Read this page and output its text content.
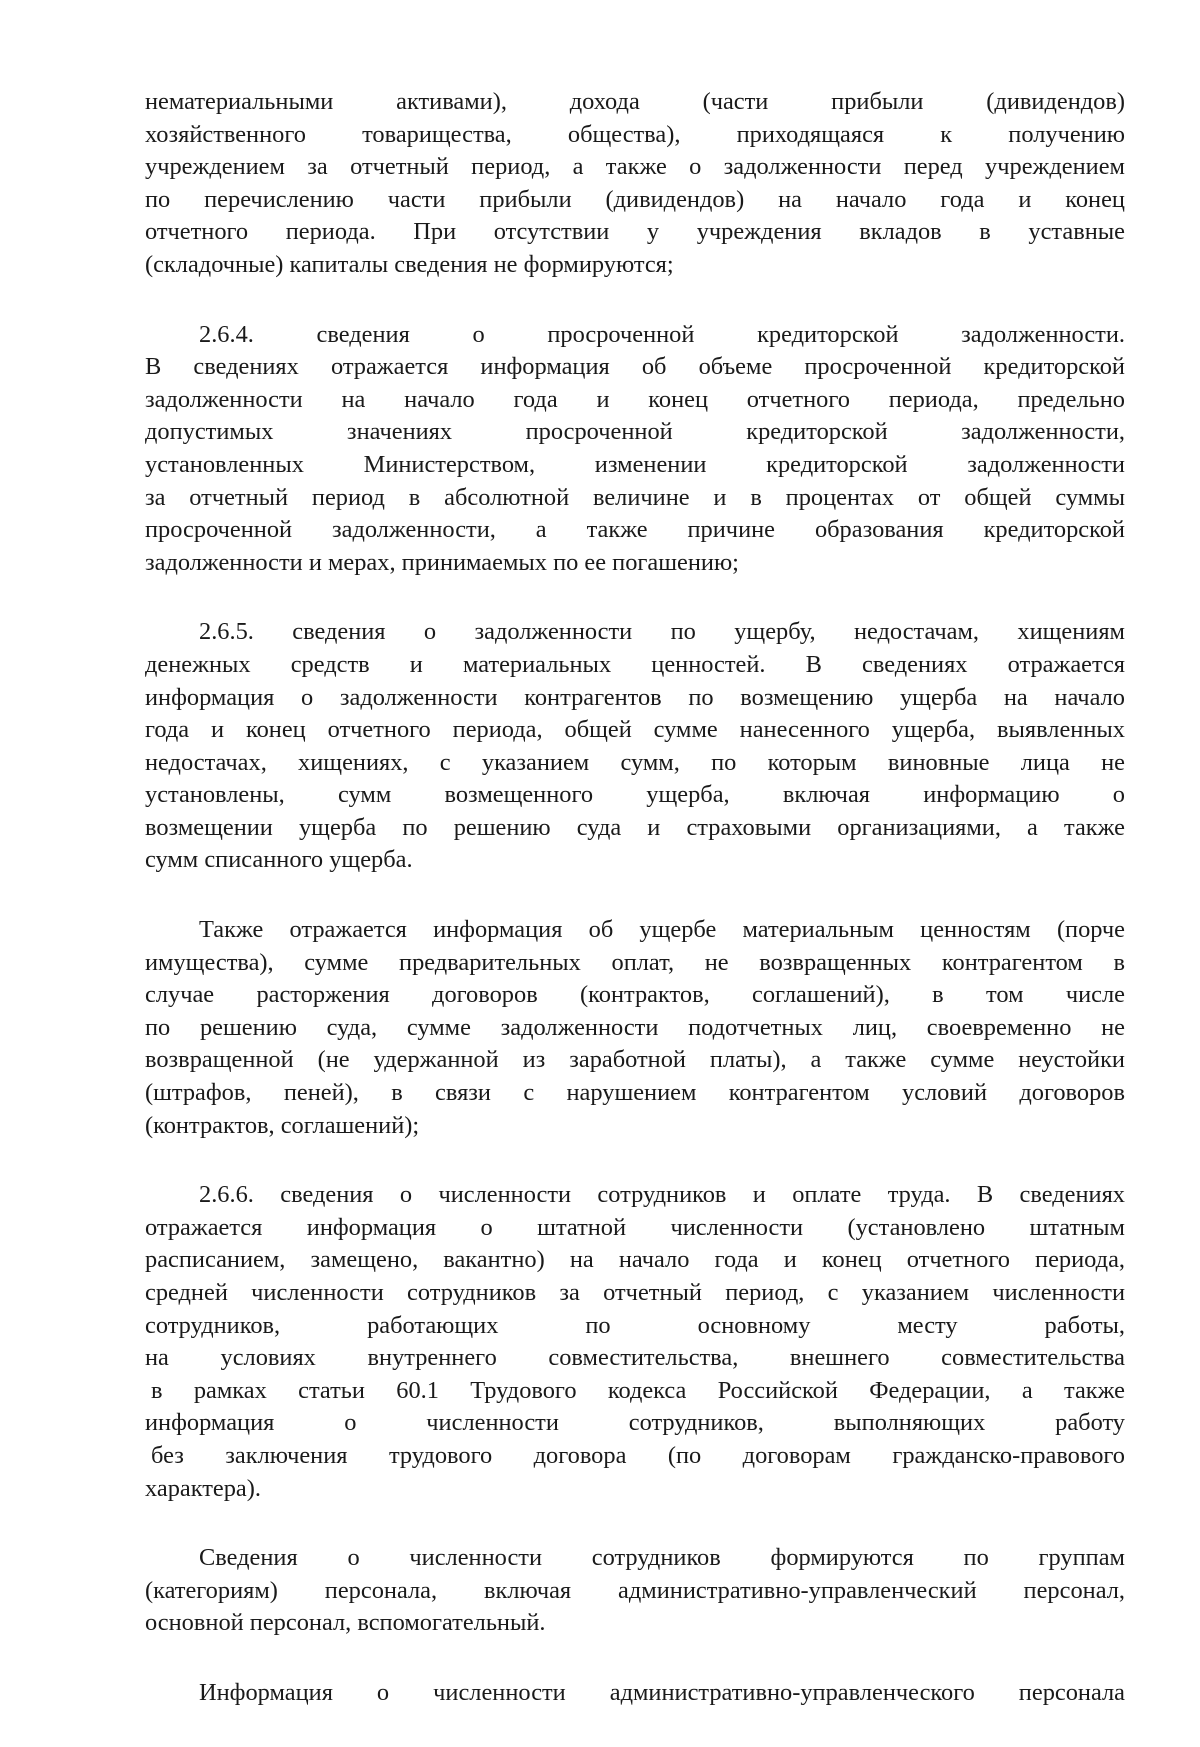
нематериальными активами), дохода (части прибыли (дивидендов)
хозяйственного товарищества, общества), приходящаяся к получению
учреждением за отчетный период, а также о задолженности перед учреждением
по перечислению части прибыли (дивидендов) на начало года и конец
отчетного периода. При отсутствии у учреждения вкладов в уставные
(складочные) капиталы сведения не формируются;

2.6.4. сведения о просроченной кредиторской задолженности.
В сведениях отражается информация об объеме просроченной кредиторской
задолженности на начало года и конец отчетного периода, предельно
допустимых значениях просроченной кредиторской задолженности,
установленных Министерством, изменении кредиторской задолженности
за отчетный период в абсолютной величине и в процентах от общей суммы
просроченной задолженности, а также причине образования кредиторской
задолженности и мерах, принимаемых по ее погашению;

2.6.5. сведения о задолженности по ущербу, недостачам, хищениям
денежных средств и материальных ценностей. В сведениях отражается
информация о задолженности контрагентов по возмещению ущерба на начало
года и конец отчетного периода, общей сумме нанесенного ущерба, выявленных
недостачах, хищениях, с указанием сумм, по которым виновные лица не
установлены, сумм возмещенного ущерба, включая информацию о
возмещении ущерба по решению суда и страховыми организациями, а также
сумм списанного ущерба.

Также отражается информация об ущербе материальным ценностям (порче
имущества), сумме предварительных оплат, не возвращенных контрагентом в
случае расторжения договоров (контрактов, соглашений), в том числе
по решению суда, сумме задолженности подотчетных лиц, своевременно не
возвращенной (не удержанной из заработной платы), а также сумме неустойки
(штрафов, пеней), в связи с нарушением контрагентом условий договоров
(контрактов, соглашений);

2.6.6. сведения о численности сотрудников и оплате труда. В сведениях
отражается информация о штатной численности (установлено штатным
расписанием, замещено, вакантно) на начало года и конец отчетного периода,
средней численности сотрудников за отчетный период, с указанием численности
сотрудников, работающих по основному месту работы,
на условиях внутреннего совместительства, внешнего совместительства
в рамках статьи 60.1 Трудового кодекса Российской Федерации, а также
информация о численности сотрудников, выполняющих работу
без заключения трудового договора (по договорам гражданско-правового
характера).

Сведения о численности сотрудников формируются по группам
(категориям) персонала, включая административно-управленческий персонал,
основной персонал, вспомогательный.

Информация о численности административно-управленческого персонала
